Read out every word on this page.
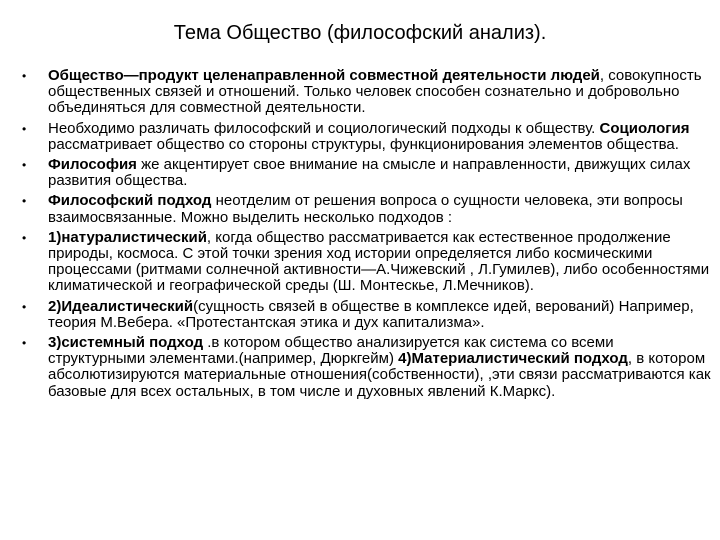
Тема Общество (философский анализ).
•	Общество—продукт целенаправленной совместной деятельности людей, совокупность общественных связей и отношений. Только человек способен сознательно и добровольно объединяться для совместной деятельности.
•	Необходимо различать философский и социологический подходы к обществу. Социология рассматривает общество со стороны структуры, функционирования элементов общества.
•	Философия же акцентирует свое внимание на смысле и направленности, движущих силах развития общества.
•	Философский подход неотделим от решения вопроса о сущности человека, эти вопросы взаимосвязанные. Можно выделить несколько подходов :
•	1)натуралистический, когда общество рассматривается как естественное продолжение природы, космоса. С этой точки зрения ход истории определяется либо космическими процессами (ритмами солнечной активности—А.Чижевский , Л.Гумилев), либо особенностями климатической и географической среды (Ш. Монтескье, Л.Мечников).
•	2)Идеалистический(сущность связей в обществе в комплексе идей, верований) Например, теория М.Вебера. «Протестантская этика и дух капитализма».
•	3)системный подход .в котором общество анализируется как система со всеми структурными элементами.(например, Дюркгейм) 4)Материалистический подход, в котором абсолютизируются материальные отношения(собственности), ,эти связи рассматриваются как базовые для всех остальных, в том числе и духовных явлений К.Маркс).
